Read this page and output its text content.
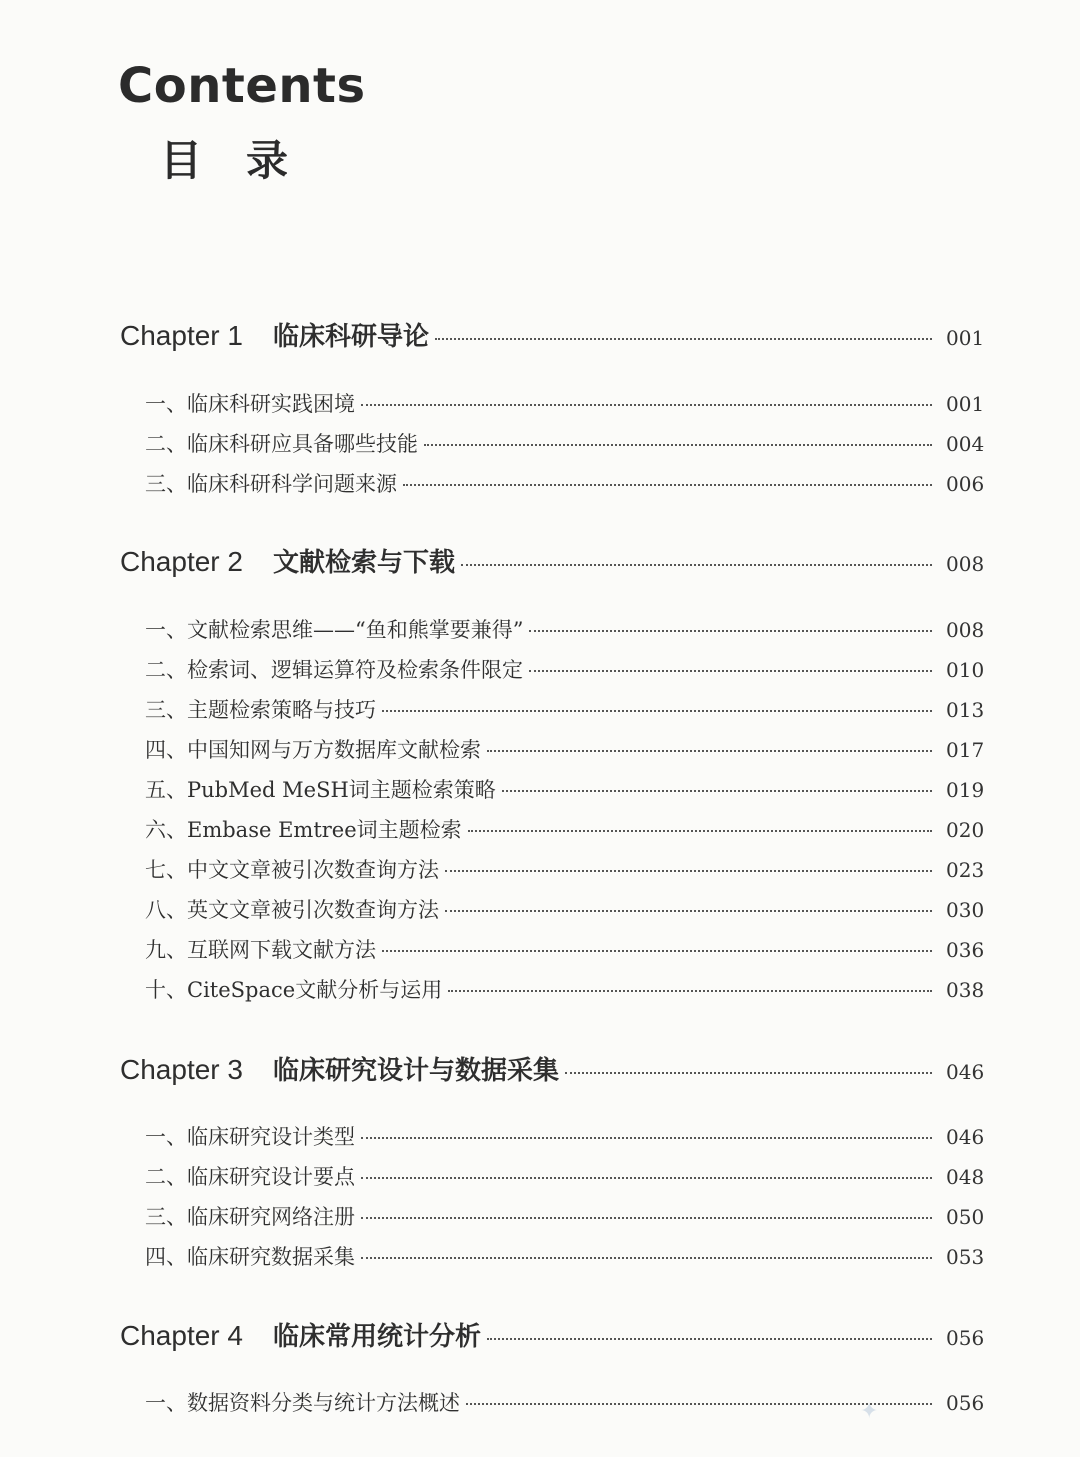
Contents
目录
Chapter 1 临床科研导论	001
一、临床科研实践困境	001
二、临床科研应具备哪些技能	004
三、临床科研科学问题来源	006
Chapter 2 文献检索与下载	008
一、文献检索思维——“鱼和熊掌要兼得”	008
二、检索词、逻辑运算符及检索条件限定	010
三、主题检索策略与技巧	013
四、中国知网与万方数据库文献检索	017
五、PubMed MeSH词主题检索策略	019
六、Embase Emtree词主题检索	020
七、中文文章被引次数查询方法	023
八、英文文章被引次数查询方法	030
九、互联网下载文献方法	036
十、CiteSpace文献分析与运用	038
Chapter 3 临床研究设计与数据采集	046
一、临床研究设计类型	046
二、临床研究设计要点	048
三、临床研究网络注册	050
四、临床研究数据采集	053
Chapter 4 临床常用统计分析	056
一、数据资料分类与统计方法概述	056
✦
